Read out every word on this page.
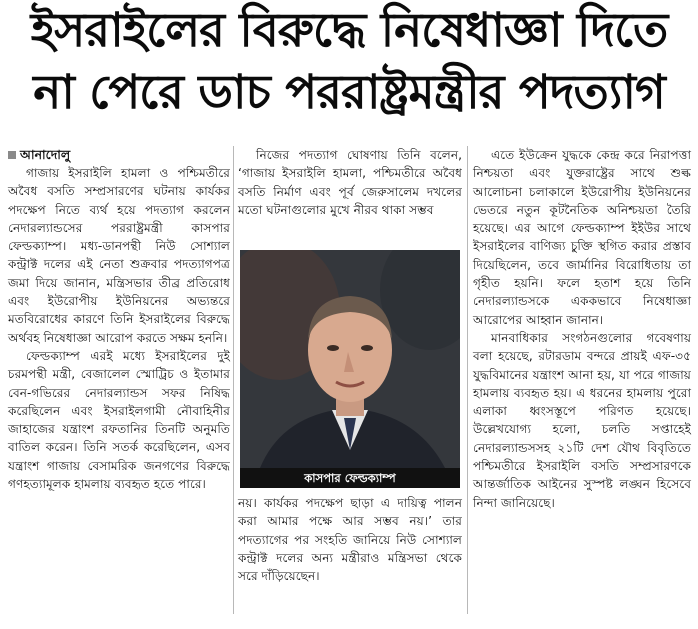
ইসরাইলের বিরুদ্ধে নিষেধাজ্ঞা দিতে
না পেরে ডাচ পররাষ্ট্রমন্ত্রীর পদত্যাগ
আনাদোলু

গাজায় ইসরাইলি হামলা ও পশ্চিমতীরে অবৈধ বসতি সম্প্রসারণের ঘটনায় কার্যকর পদক্ষেপ নিতে ব্যর্থ হয়ে পদত্যাগ করলেন নেদারল্যান্ডসের পররাষ্ট্রমন্ত্রী কাসপার ফেল্ডক্যাম্প। মধ্য-ডানপন্থী নিউ সোশ্যাল কন্ট্রাক্ট দলের এই নেতা শুক্রবার পদত্যাগপত্র জমা দিয়ে জানান, মন্ত্রিসভার তীব্র প্রতিরোধ এবং ইউরোপীয় ইউনিয়নের অভ্যন্তরে মতবিরোধের কারণে তিনি ইসরাইলের বিরুদ্ধে অর্থবহ নিষেধাজ্ঞা আরোপ করতে সক্ষম হননি।

ফেল্ডক্যাম্প এরই মধ্যে ইসরাইলের দুই চরমপন্থী মন্ত্রী, বেজালেল স্মোট্রিচ ও ইতামার বেন-গভিরের নেদারল্যান্ডস সফর নিষিদ্ধ করেছিলেন এবং ইসরাইলগামী নৌবাহিনীর জাহাজের যন্ত্রাংশ রফতানির তিনটি অনুমতি বাতিল করেন। তিনি সতর্ক করেছিলেন, এসব যন্ত্রাংশ গাজায় বেসামরিক জনগণের বিরুদ্ধে গণহত্যামূলক হামলায় ব্যবহৃত হতে পারে।

নিজের পদত্যাগ ঘোষণায় তিনি বলেন, ‘গাজায় ইসরাইলি হামলা, পশ্চিমতীরে অবৈধ বসতি নির্মাণ এবং পূর্ব জেরুসালেম দখলের মতো ঘটনাগুলোর মুখে নীরব থাকা সম্ভব

কাসপার ফেল্ডক্যাম্প

নয়। কার্যকর পদক্ষেপ ছাড়া এ দায়িত্ব পালন করা আমার পক্ষে আর সম্ভব নয়।’ তার পদত্যাগের পর সংহতি জানিয়ে নিউ সোশ্যাল কন্ট্রাক্ট দলের অন্য মন্ত্রীরাও মন্ত্রিসভা থেকে সরে দাঁড়িয়েছেন।

এতে ইউক্রেন যুদ্ধকে কেন্দ্র করে নিরাপত্তা নিশ্চয়তা এবং যুক্তরাষ্ট্রের সাথে শুল্ক আলোচনা চলাকালে ইউরোপীয় ইউনিয়নের ভেতরে নতুন কূটনৈতিক অনিশ্চয়তা তৈরি হয়েছে। এর আগে ফেল্ডক্যাম্প ইইউর সাথে ইসরাইলের বাণিজ্য চুক্তি স্থগিত করার প্রস্তাব দিয়েছিলেন, তবে জার্মানির বিরোধিতায় তা গৃহীত হয়নি। ফলে হতাশ হয়ে তিনি নেদারল্যান্ডসকে এককভাবে নিষেধাজ্ঞা আরোপের আহ্বান জানান।

মানবাধিকার সংগঠনগুলোর গবেষণায় বলা হয়েছে, রটারডাম বন্দরে প্রায়ই এফ-৩৫ যুদ্ধবিমানের যন্ত্রাংশ আনা হয়, যা পরে গাজায় হামলায় ব্যবহৃত হয়। এ ধরনের হামলায় পুরো এলাকা ধ্বংসস্তূপে পরিণত হয়েছে। উল্লেখযোগ্য হলো, চলতি সপ্তাহেই নেদারল্যান্ডসসহ ২১টি দেশ যৌথ বিবৃতিতে পশ্চিমতীরে ইসরাইলি বসতি সম্প্রসারণকে আন্তর্জাতিক আইনের সুস্পষ্ট লঙ্ঘন হিসেবে নিন্দা জানিয়েছে।
